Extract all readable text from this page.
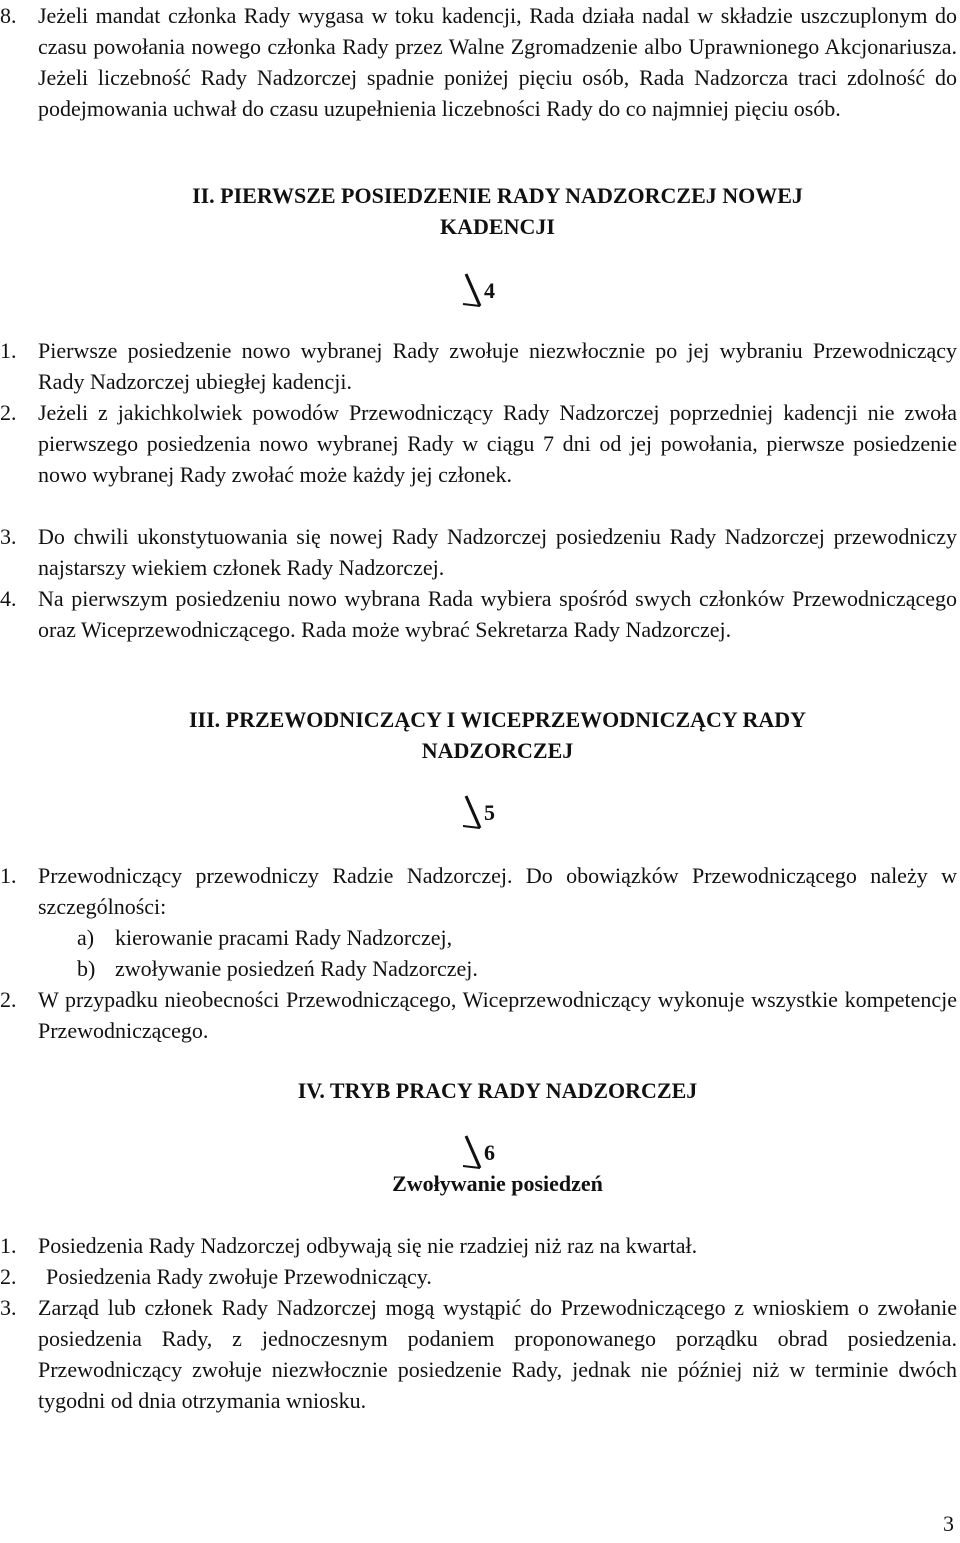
8. Jeżeli mandat członka Rady wygasa w toku kadencji, Rada działa nadal w składzie uszczuplonym do czasu powołania nowego członka Rady przez Walne Zgromadzenie albo Uprawnionego Akcjonariusza. Jeżeli liczebność Rady Nadzorczej spadnie poniżej pięciu osób, Rada Nadzorcza traci zdolność do podejmowania uchwał do czasu uzupełnienia liczebności Rady do co najmniej pięciu osób.
II. PIERWSZE POSIEDZENIE RADY NADZORCZEJ NOWEJ
KADENCJI
4
1. Pierwsze posiedzenie nowo wybranej Rady zwołuje niezwłocznie po jej wybraniu Przewodniczący Rady Nadzorczej ubiegłej kadencji.
2. Jeżeli z jakichkolwiek powodów Przewodniczący Rady Nadzorczej poprzedniej kadencji nie zwoła pierwszego posiedzenia nowo wybranej Rady w ciągu 7 dni od jej powołania, pierwsze posiedzenie nowo wybranej Rady zwołać może każdy jej członek.
3. Do chwili ukonstytuowania się nowej Rady Nadzorczej posiedzeniu Rady Nadzorczej przewodniczy najstarszy wiekiem członek Rady Nadzorczej.
4. Na pierwszym posiedzeniu nowo wybrana Rada wybiera spośród swych członków Przewodniczącego oraz Wiceprzewodniczącego. Rada może wybrać Sekretarza Rady Nadzorczej.
III. PRZEWODNICZĄCY I WICEPRZEWODNICZĄCY RADY
NADZORCZEJ
5
1. Przewodniczący przewodniczy Radzie Nadzorczej. Do obowiązków Przewodniczącego należy w szczególności:
a) kierowanie pracami Rady Nadzorczej,
b) zwoływanie posiedzeń Rady Nadzorczej.
2. W przypadku nieobecności Przewodniczącego, Wiceprzewodniczący wykonuje wszystkie kompetencje Przewodniczącego.
IV. TRYB PRACY RADY NADZORCZEJ
6
Zwoływanie posiedzeń
1. Posiedzenia Rady Nadzorczej odbywają się nie rzadziej niż raz na kwartał.
2.	Posiedzenia Rady zwołuje Przewodniczący.
3. Zarząd lub członek Rady Nadzorczej mogą wystąpić do Przewodniczącego z wnioskiem o zwołanie posiedzenia Rady, z jednoczesnym podaniem proponowanego porządku obrad posiedzenia. Przewodniczący zwołuje niezwłocznie posiedzenie Rady, jednak nie później niż w terminie dwóch tygodni od dnia otrzymania wniosku.
3
